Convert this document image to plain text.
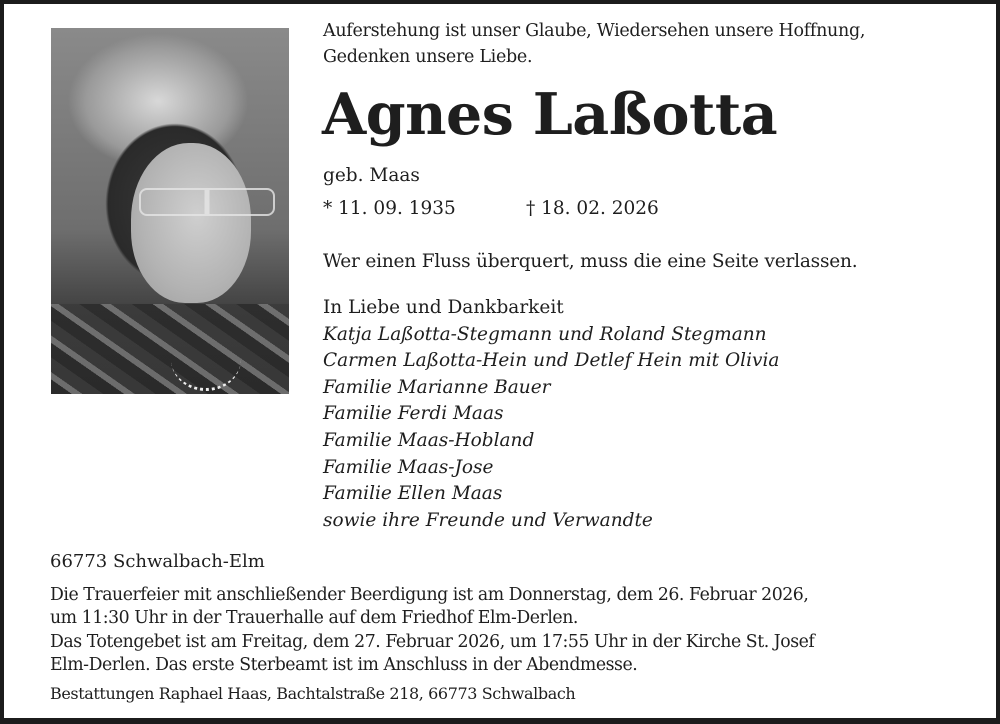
Auferstehung ist unser Glaube, Wiedersehen unsere Hoffnung,
Gedenken unsere Liebe.
Agnes Laßotta
geb. Maas
* 11. 09. 1935	† 18. 02. 2026
Wer einen Fluss überquert, muss die eine Seite verlassen.
In Liebe und Dankbarkeit
Katja Laßotta-Stegmann und Roland Stegmann
Carmen Laßotta-Hein und Detlef Hein mit Olivia
Familie Marianne Bauer
Familie Ferdi Maas
Familie Maas-Hobland
Familie Maas-Jose
Familie Ellen Maas
sowie ihre Freunde und Verwandte
66773 Schwalbach-Elm
Die Trauerfeier mit anschließender Beerdigung ist am Donnerstag, dem 26. Februar 2026,
um 11:30 Uhr in der Trauerhalle auf dem Friedhof Elm-Derlen.
Das Totengebet ist am Freitag, dem 27. Februar 2026, um 17:55 Uhr in der Kirche St. Josef
Elm-Derlen. Das erste Sterbeamt ist im Anschluss in der Abendmesse.
Bestattungen Raphael Haas, Bachtalstraße 218, 66773 Schwalbach
